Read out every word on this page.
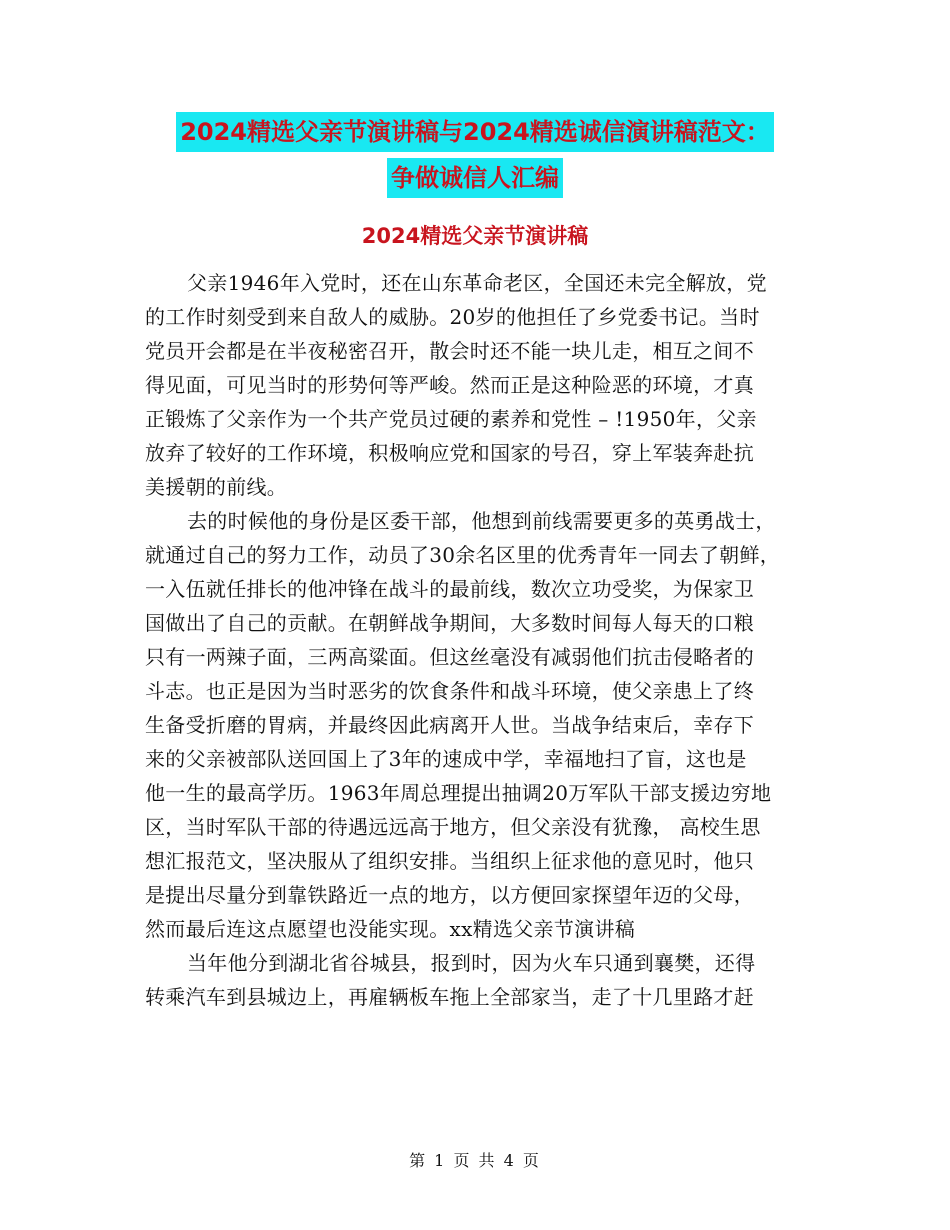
2024精选父亲节演讲稿与2024精选诚信演讲稿范文：
争做诚信人汇编
2024精选父亲节演讲稿
父亲1946年入党时，还在山东革命老区，全国还未完全解放，党
的工作时刻受到来自敌人的威胁。20岁的他担任了乡党委书记。当时
党员开会都是在半夜秘密召开，散会时还不能一块儿走，相互之间不
得见面，可见当时的形势何等严峻。然而正是这种险恶的环境，才真
正锻炼了父亲作为一个共产党员过硬的素养和党性 – !1950年，父亲
放弃了较好的工作环境，积极响应党和国家的号召，穿上军装奔赴抗
美援朝的前线。
去的时候他的身份是区委干部，他想到前线需要更多的英勇战士，
就通过自己的努力工作，动员了30余名区里的优秀青年一同去了朝鲜，
一入伍就任排长的他冲锋在战斗的最前线，数次立功受奖，为保家卫
国做出了自己的贡献。在朝鲜战争期间，大多数时间每人每天的口粮
只有一两辣子面，三两高粱面。但这丝毫没有减弱他们抗击侵略者的
斗志。也正是因为当时恶劣的饮食条件和战斗环境，使父亲患上了终
生备受折磨的胃病，并最终因此病离开人世。当战争结束后，幸存下
来的父亲被部队送回国上了3年的速成中学，幸福地扫了盲，这也是
他一生的最高学历。1963年周总理提出抽调20万军队干部支援边穷地
区，当时军队干部的待遇远远高于地方，但父亲没有犹豫， 高校生思
想汇报范文，坚决服从了组织安排。当组织上征求他的意见时，他只
是提出尽量分到靠铁路近一点的地方，以方便回家探望年迈的父母，
然而最后连这点愿望也没能实现。xx精选父亲节演讲稿
当年他分到湖北省谷城县，报到时，因为火车只通到襄樊，还得
转乘汽车到县城边上，再雇辆板车拖上全部家当，走了十几里路才赶
第 1 页 共 4 页
